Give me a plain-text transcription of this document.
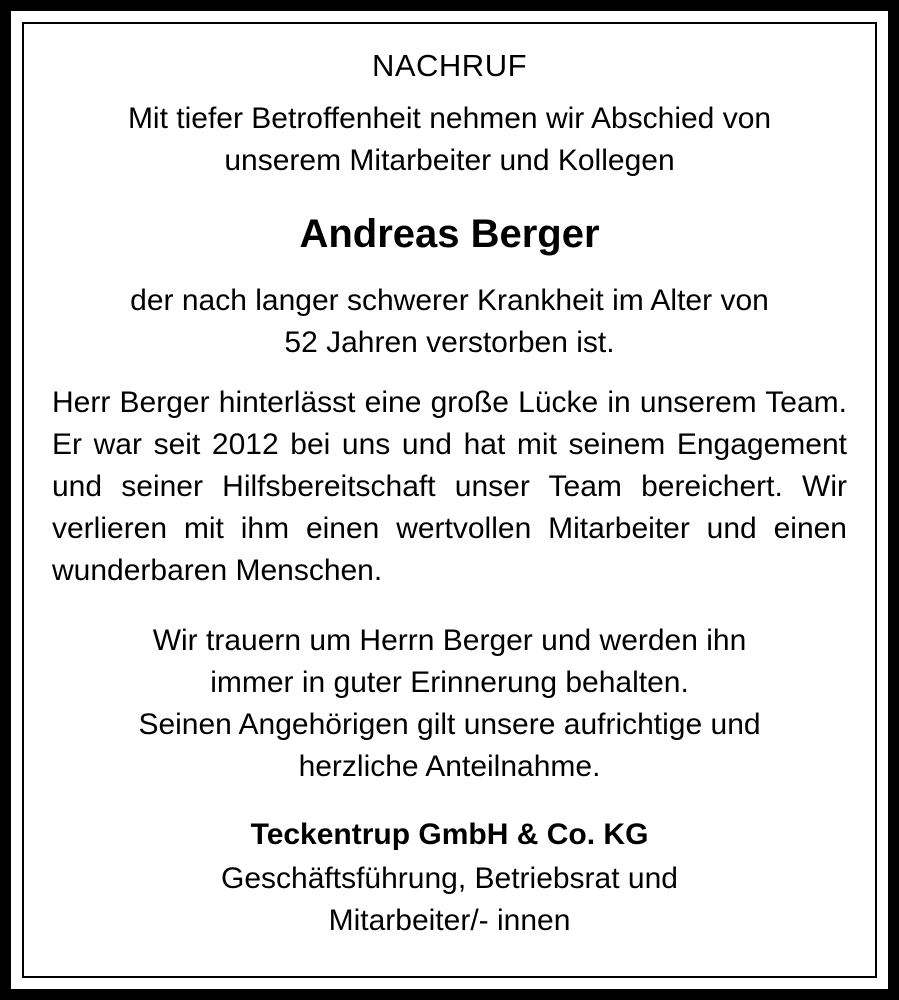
NACHRUF
Mit tiefer Betroffenheit nehmen wir Abschied von
unserem Mitarbeiter und Kollegen
Andreas Berger
der nach langer schwerer Krankheit im Alter von
52 Jahren verstorben ist.
Herr Berger hinterlässt eine große Lücke in unserem Team. Er war seit 2012 bei uns und hat mit seinem Engagement und seiner Hilfsbereitschaft unser Team bereichert. Wir verlieren mit ihm einen wertvollen Mitarbeiter und einen wunderbaren Menschen.
Wir trauern um Herrn Berger und werden ihn
immer in guter Erinnerung behalten.
Seinen Angehörigen gilt unsere aufrichtige und
herzliche Anteilnahme.
Teckentrup GmbH & Co. KG
Geschäftsführung, Betriebsrat und
Mitarbeiter/- innen
